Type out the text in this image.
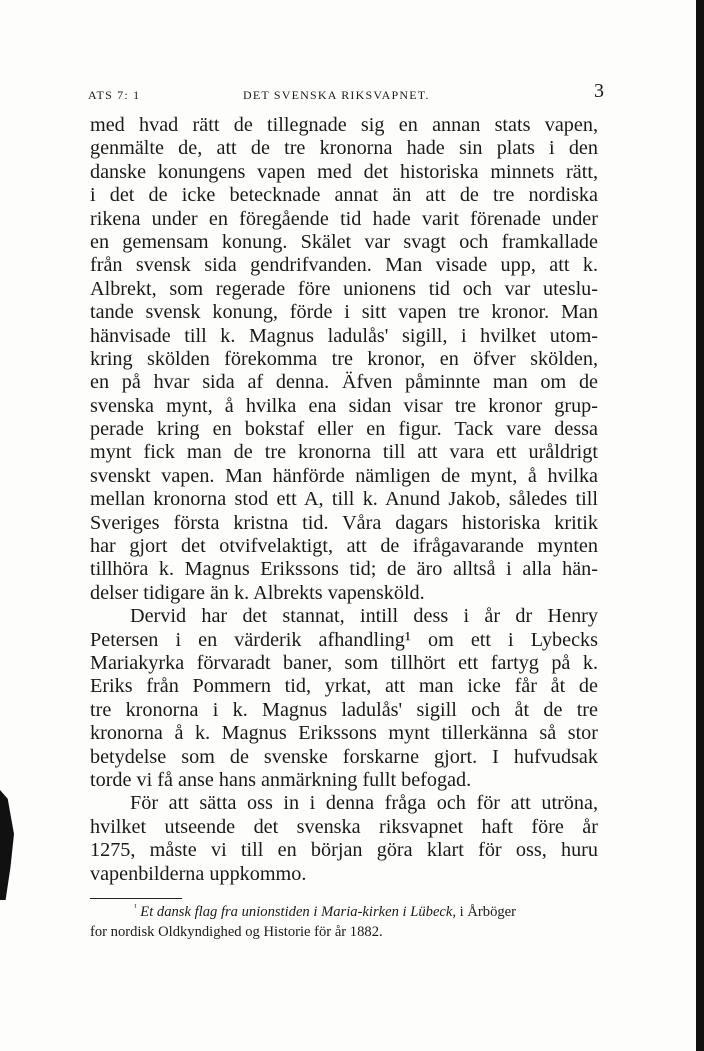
ATS 7: 1	DET SVENSKA RIKSVAPNET.	3
med hvad rätt de tillegnade sig en annan stats vapen,
genmälte de, att de tre kronorna hade sin plats i den
danske konungens vapen med det historiska minnets rätt,
i det de icke betecknade annat än att de tre nordiska
rikena under en föregående tid hade varit förenade under
en gemensam konung. Skälet var svagt och framkallade
från svensk sida gendrifvanden. Man visade upp, att k.
Albrekt, som regerade före unionens tid och var uteslu-
tande svensk konung, förde i sitt vapen tre kronor. Man
hänvisade till k. Magnus ladulås' sigill, i hvilket utom-
kring skölden förekomma tre kronor, en öfver skölden,
en på hvar sida af denna. Äfven påminnte man om de
svenska mynt, å hvilka ena sidan visar tre kronor grup-
perade kring en bokstaf eller en figur. Tack vare dessa
mynt fick man de tre kronorna till att vara ett uråldrigt
svenskt vapen. Man hänförde nämligen de mynt, å hvilka
mellan kronorna stod ett A, till k. Anund Jakob, således till
Sveriges första kristna tid. Våra dagars historiska kritik
har gjort det otvifvelaktigt, att de ifrågavarande mynten
tillhöra k. Magnus Erikssons tid; de äro alltså i alla hän-
delser tidigare än k. Albrekts vapensköld.
Dervid har det stannat, intill dess i år dr Henry
Petersen i en värderik afhandling¹ om ett i Lybecks
Mariakyrka förvaradt baner, som tillhört ett fartyg på k.
Eriks från Pommern tid, yrkat, att man icke får åt de
tre kronorna i k. Magnus ladulås' sigill och åt de tre
kronorna å k. Magnus Erikssons mynt tillerkänna så stor
betydelse som de svenske forskarne gjort. I hufvudsak
torde vi få anse hans anmärkning fullt befogad.
För att sätta oss in i denna fråga och för att utröna,
hvilket utseende det svenska riksvapnet haft före år
1275, måste vi till en början göra klart för oss, huru
vapenbilderna uppkommo.
$^{^1}$ Et dansk flag fra unionstiden i Maria-kirken i Lübeck, i Årböger
for nordisk Oldkyndighed og Historie för år 1882.
